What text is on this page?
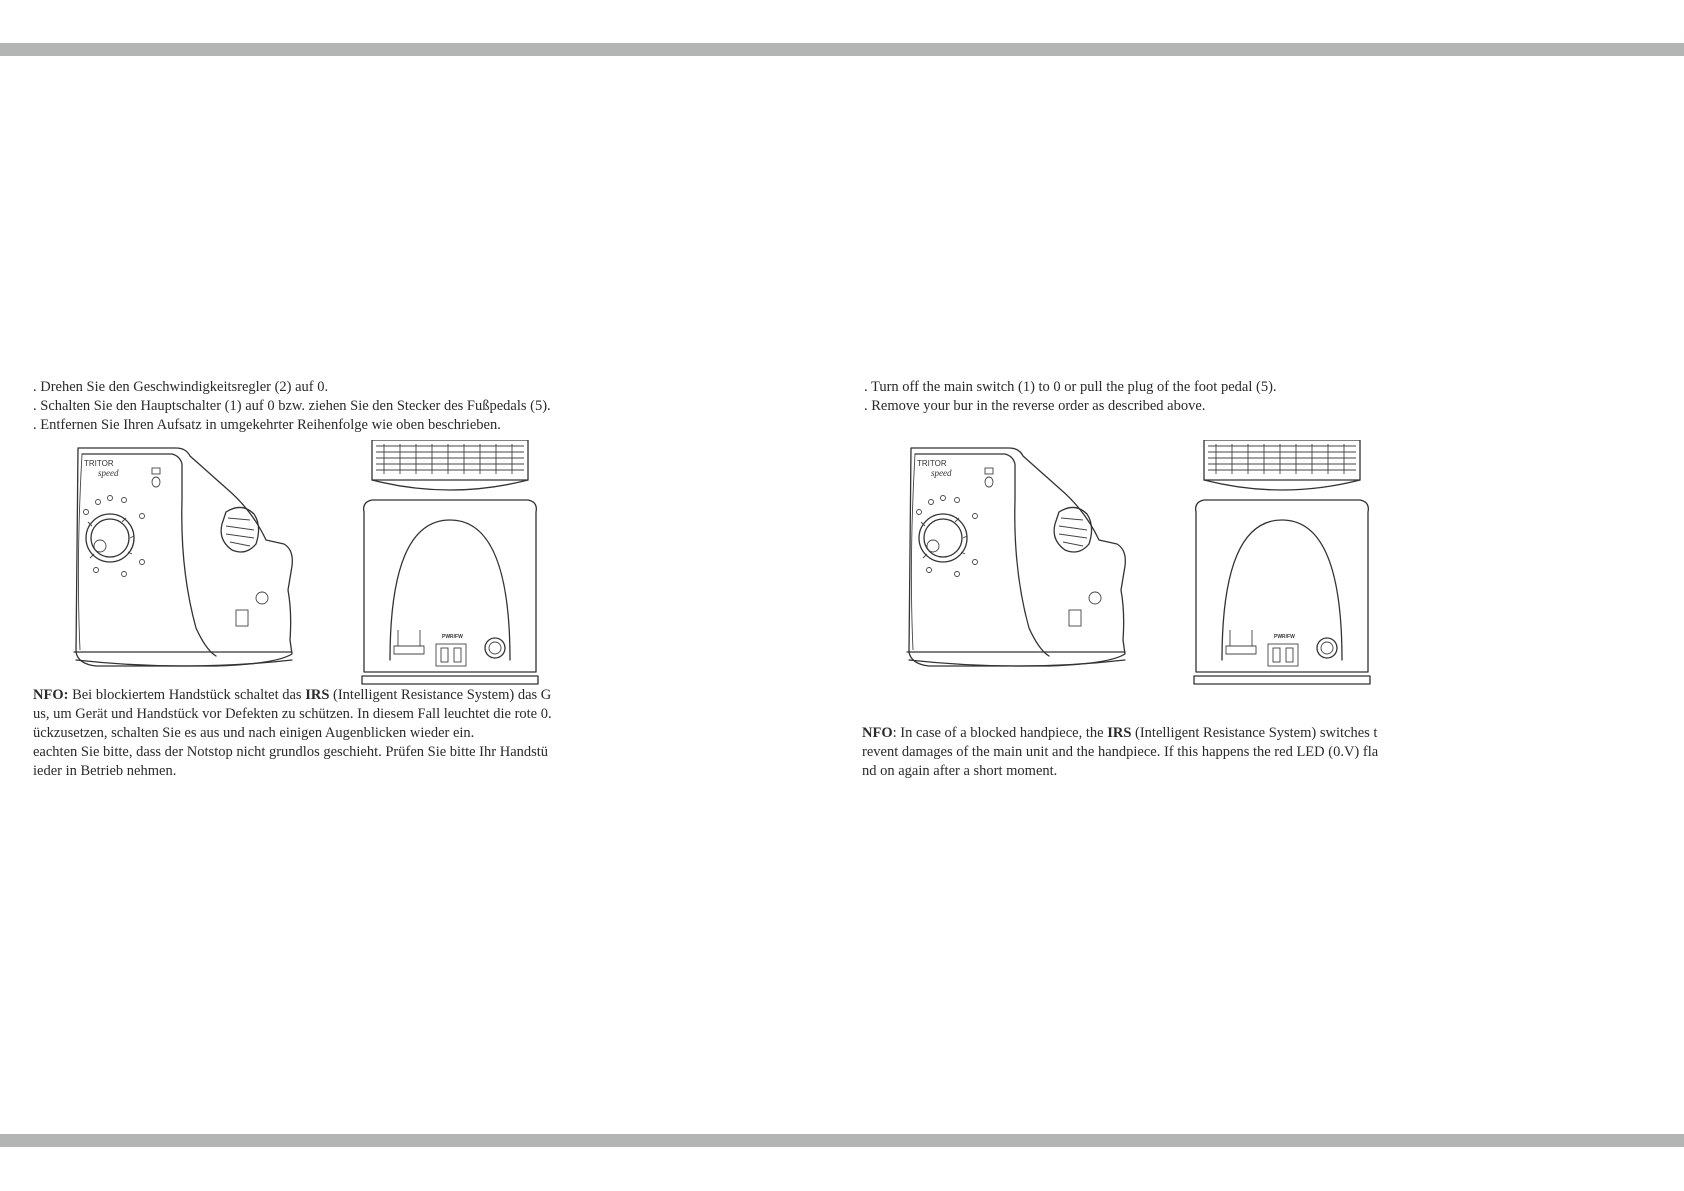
. Drehen Sie den Geschwindigkeitsregler (2) auf 0.

. Schalten Sie den Hauptschalter (1) auf 0 bzw. ziehen Sie den Stecker des Fußpedals (5).

. Entfernen Sie Ihren Aufsatz in umgekehrter Reihenfolge wie oben beschrieben.

. Turn off the main switch (1) to 0 or pull the plug of the foot pedal (5).

. Remove your bur in the reverse order as described above.

TRITOR
speed
PWR/FW
TRITOR
speed
PWR/FW

NFO: Bei blockiertem Handstück schaltet das IRS (Intelligent Resistance System) das G

us, um Gerät und Handstück vor Defekten zu schützen. In diesem Fall leuchtet die rote 0.

ückzusetzen, schalten Sie es aus und nach einigen Augenblicken wieder ein.

eachten Sie bitte, dass der Notstop nicht grundlos geschieht. Prüfen Sie bitte Ihr Handstü

ieder in Betrieb nehmen.

NFO: In case of a blocked handpiece, the IRS (Intelligent Resistance System) switches t

revent damages of the main unit and the handpiece. If this happens the red LED (0.V) fla

nd on again after a short moment.
